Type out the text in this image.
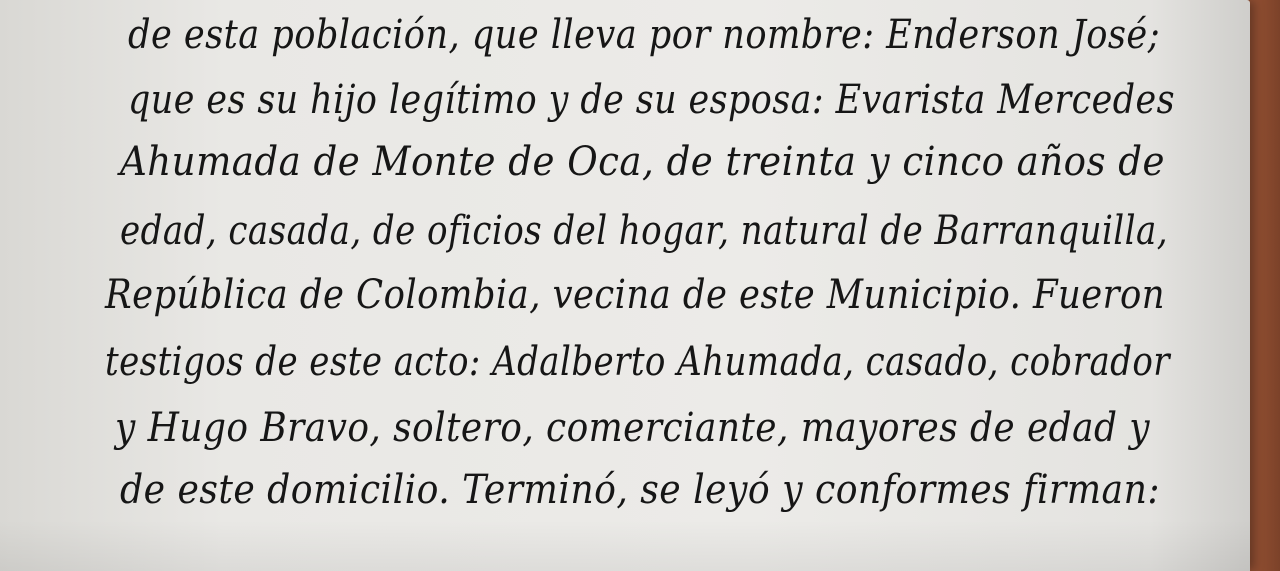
de esta población, que lleva por nombre: Enderson José;
que es su hijo legítimo y de su esposa: Evarista Mercedes
Ahumada de Monte de Oca, de treinta y cinco años de
edad, casada, de oficios del hogar, natural de Barranquilla,
República de Colombia, vecina de este Municipio. Fueron
testigos de este acto: Adalberto Ahumada, casado, cobrador
y Hugo Bravo, soltero, comerciante, mayores de edad y
de este domicilio. Terminó, se leyó y conformes firman:
